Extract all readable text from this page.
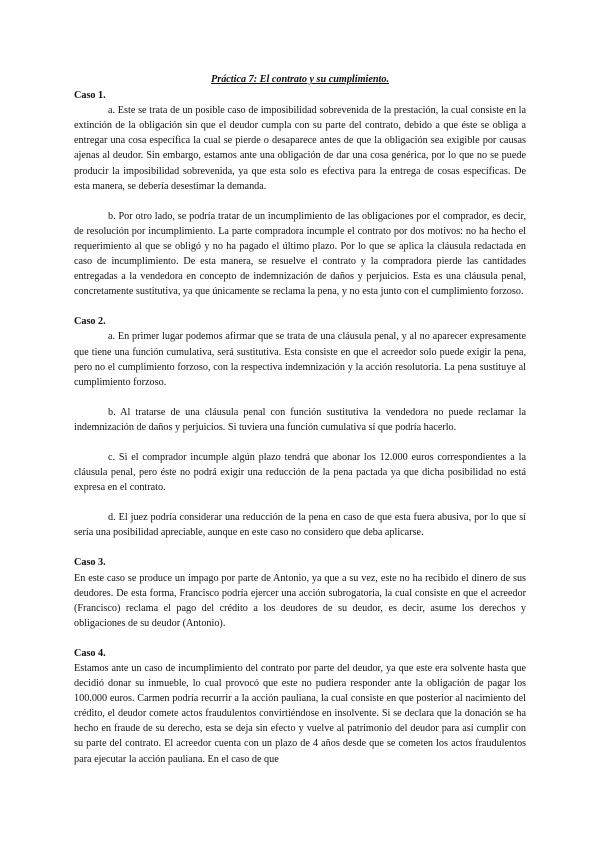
Práctica 7: El contrato y su cumplimiento.

Caso 1.

a. Este se trata de un posible caso de imposibilidad sobrevenida de la prestación, la cual consiste en la extinción de la obligación sin que el deudor cumpla con su parte del contrato, debido a que éste se obliga a entregar una cosa específica la cual se pierde o desaparece antes de que la obligación sea exigible por causas ajenas al deudor. Sin embargo, estamos ante una obligación de dar una cosa genérica, por lo que no se puede producir la imposibilidad sobrevenida, ya que esta solo es efectiva para la entrega de cosas específicas. De esta manera, se debería desestimar la demanda.

b. Por otro lado, se podría tratar de un incumplimiento de las obligaciones por el comprador, es decir, de resolución por incumplimiento. La parte compradora incumple el contrato por dos motivos: no ha hecho el requerimiento al que se obligó y no ha pagado el último plazo. Por lo que se aplica la cláusula redactada en caso de incumplimiento. De esta manera, se resuelve el contrato y la compradora pierde las cantidades entregadas a la vendedora en concepto de indemnización de daños y perjuicios. Esta es una cláusula penal, concretamente sustitutiva, ya que únicamente se reclama la pena, y no esta junto con el cumplimiento forzoso.

Caso 2.

a. En primer lugar podemos afirmar que se trata de una cláusula penal, y al no aparecer expresamente que tiene una función cumulativa, será sustitutiva. Esta consiste en que el acreedor solo puede exigir la pena, pero no el cumplimiento forzoso, con la respectiva indemnización y la acción resolutoria. La pena sustituye al cumplimiento forzoso.

b. Al tratarse de una cláusula penal con función sustitutiva la vendedora no puede reclamar la indemnización de daños y perjuicios. Si tuviera una función cumulativa sí que podría hacerlo.

c. Si el comprador incumple algún plazo tendrá que abonar los 12.000 euros correspondientes a la cláusula penal, pero éste no podrá exigir una reducción de la pena pactada ya que dicha posibilidad no está expresa en el contrato.

d. El juez podría considerar una reducción de la pena en caso de que esta fuera abusiva, por lo que sí sería una posibilidad apreciable, aunque en este caso no considero que deba aplicarse.

Caso 3.

En este caso se produce un impago por parte de Antonio, ya que a su vez, este no ha recibido el dinero de sus deudores. De esta forma, Francisco podría ejercer una acción subrogatoria, la cual consiste en que el acreedor (Francisco) reclama el pago del crédito a los deudores de su deudor, es decir, asume los derechos y obligaciones de su deudor (Antonio).

Caso 4.

Estamos ante un caso de incumplimiento del contrato por parte del deudor, ya que este era solvente hasta que decidió donar su inmueble, lo cual provocó que este no pudiera responder ante la obligación de pagar los 100.000 euros. Carmen podría recurrir a la acción pauliana, la cual consiste en que posterior al nacimiento del crédito, el deudor comete actos fraudulentos convirtiéndose en insolvente. Si se declara que la donación se ha hecho en fraude de su derecho, esta se deja sin efecto y vuelve al patrimonio del deudor para así cumplir con su parte del contrato. El acreedor cuenta con un plazo de 4 años desde que se cometen los actos fraudulentos para ejecutar la acción pauliana. En el caso de que
